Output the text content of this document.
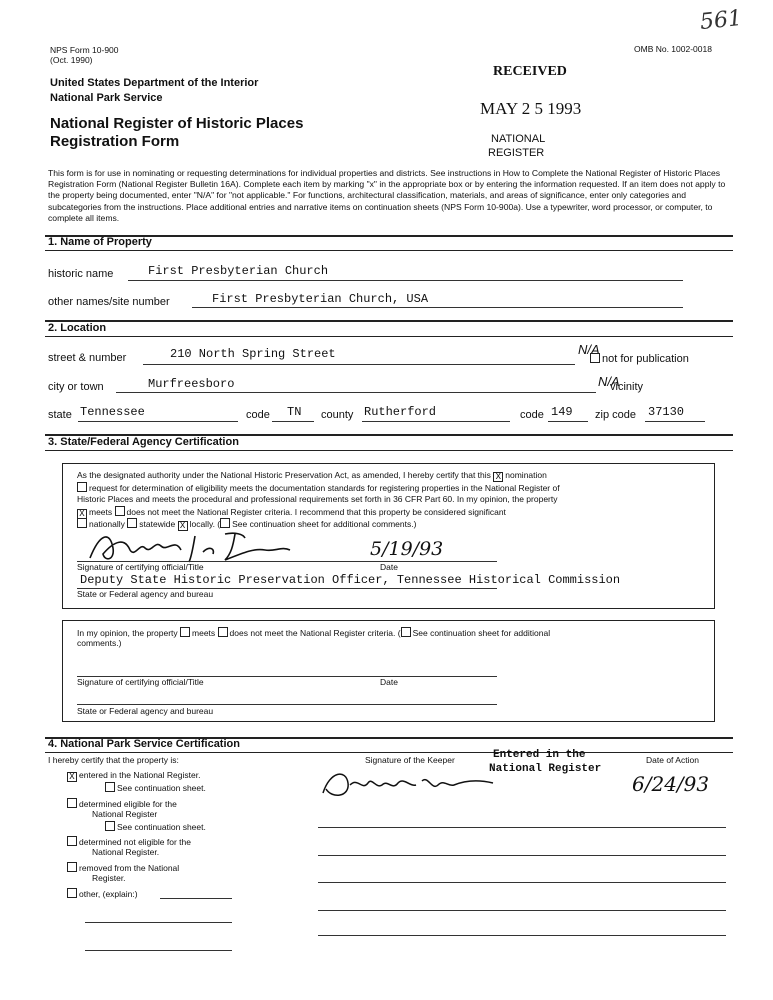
NPS Form 10-900
(Oct. 1990)
OMB No. 1002-0018
561
United States Department of the Interior
National Park Service
National Register of Historic Places
Registration Form
RECEIVED
MAY 2 5 1993
NATIONAL
REGISTER
This form is for use in nominating or requesting determinations for individual properties and districts. See instructions in How to Complete the National Register of Historic Places Registration Form (National Register Bulletin 16A). Complete each item by marking "x" in the appropriate box or by entering the information requested. If an item does not apply to the property being documented, enter "N/A" for "not applicable." For functions, architectural classification, materials, and areas of significance, enter only categories and subcategories from the instructions. Place additional entries and narrative items on continuation sheets (NPS Form 10-900a). Use a typewriter, word processor, or computer, to complete all items.
1. Name of Property
historic name	First Presbyterian Church
other names/site number	First Presbyterian Church, USA
2. Location
street & number	210 North Spring Street	N/A
not for publication
city or town	Murfreesboro	N/A
vicinity
state Tennessee	code TN county Rutherford	code 149 zip code 37130
3. State/Federal Agency Certification
As the designated authority under the National Historic Preservation Act, as amended, I hereby certify that this X nomination
request for determination of eligibility meets the documentation standards for registering properties in the National Register of
Historic Places and meets the procedural and professional requirements set forth in 36 CFR Part 60. In my opinion, the property
X meets does not meet the National Register criteria. I recommend that this property be considered significant
nationally statewide X locally. ( See continuation sheet for additional comments.)
5/19/93
Signature of certifying official/Title	Date
Deputy State Historic Preservation Officer, Tennessee Historical Commission
State or Federal agency and bureau
In my opinion, the property meets does not meet the National Register criteria. ( See continuation sheet for additional
comments.)
Signature of certifying official/Title	Date
State or Federal agency and bureau
4. National Park Service Certification
I hereby certify that the property is:	Signature of the Keeper	Date of Action
Entered in the
National Register
6/24/93
X entered in the National Register.
See continuation sheet.
determined eligible for the
National Register
See continuation sheet.
determined not eligible for the
National Register.
removed from the National
Register.
other, (explain:)
